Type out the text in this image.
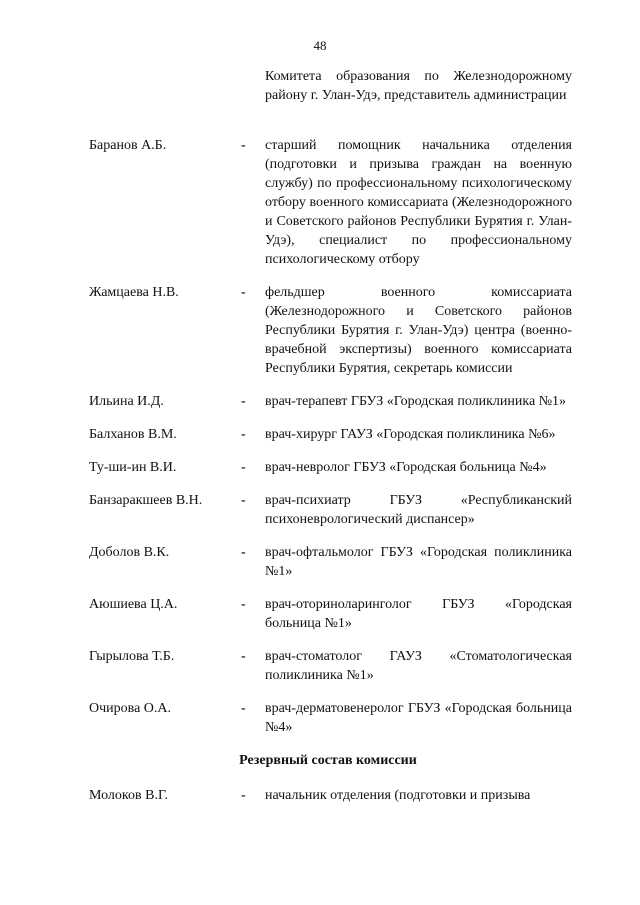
48
Комитета образования по Железнодорожному району г. Улан-Удэ, представитель администрации
Баранов А.Б.	- старший помощник начальника отделения (подготовки и призыва граждан на военную службу) по профессиональному психологическому отбору военного комиссариата (Железнодорожного и Советского районов Республики Бурятия г. Улан-Удэ), специалист по профессиональному психологическому отбору
Жамцаева Н.В.	- фельдшер военного комиссариата (Железнодорожного и Советского районов Республики Бурятия г. Улан-Удэ) центра (военно-врачебной экспертизы) военного комиссариата Республики Бурятия, секретарь комиссии
Ильина И.Д.	- врач-терапевт ГБУЗ «Городская поликлиника №1»
Балханов В.М.	- врач-хирург ГАУЗ «Городская поликлиника №6»
Ту-ши-ин В.И.	- врач-невролог ГБУЗ «Городская больница №4»
Банзаракшеев В.Н.	- врач-психиатр ГБУЗ «Республиканский психоневрологический диспансер»
Доболов В.К.	- врач-офтальмолог ГБУЗ «Городская поликлиника №1»
Аюшиева Ц.А.	- врач-оториноларинголог ГБУЗ «Городская больница №1»
Гырылова Т.Б.	- врач-стоматолог ГАУЗ «Стоматологическая поликлиника №1»
Очирова О.А.	- врач-дерматовенеролог ГБУЗ «Городская больница №4»
Резервный состав комиссии
Молоков В.Г.	- начальник отделения (подготовки и призыва
